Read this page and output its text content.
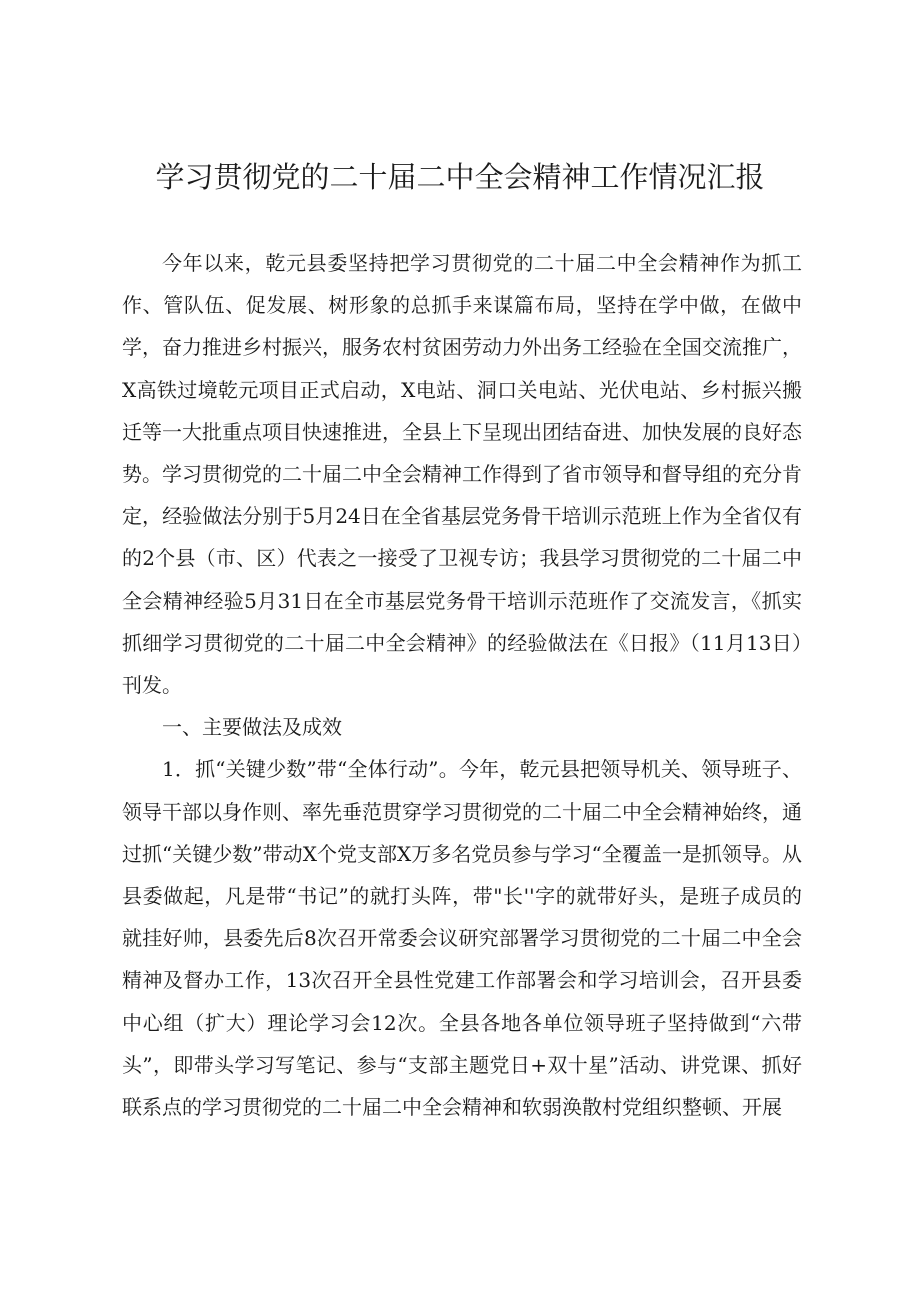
学习贯彻党的二十届二中全会精神工作情况汇报

今年以来，乾元县委坚持把学习贯彻党的二十届二中全会精神作为抓工作、管队伍、促发展、树形象的总抓手来谋篇布局，坚持在学中做，在做中学，奋力推进乡村振兴，服务农村贫困劳动力外出务工经验在全国交流推广，X高铁过境乾元项目正式启动，X电站、洞口关电站、光伏电站、乡村振兴搬迁等一大批重点项目快速推进，全县上下呈现出团结奋进、加快发展的良好态势。学习贯彻党的二十届二中全会精神工作得到了省市领导和督导组的充分肯定，经验做法分别于5月24日在全省基层党务骨干培训示范班上作为全省仅有的2个县（市、区）代表之一接受了卫视专访；我县学习贯彻党的二十届二中全会精神经验5月31日在全市基层党务骨干培训示范班作了交流发言，《抓实抓细学习贯彻党的二十届二中全会精神》的经验做法在《日报》（11月13日）刊发。

一、主要做法及成效

1．抓“关键少数”带“全体行动”。今年，乾元县把领导机关、领导班子、领导干部以身作则、率先垂范贯穿学习贯彻党的二十届二中全会精神始终，通过抓“关键少数”带动X个党支部X万多名党员参与学习“全覆盖一是抓领导。从县委做起，凡是带“书记”的就打头阵，带"长''字的就带好头，是班子成员的就挂好帅，县委先后8次召开常委会议研究部署学习贯彻党的二十届二中全会精神及督办工作，13次召开全县性党建工作部署会和学习培训会，召开县委中心组（扩大）理论学习会12次。全县各地各单位领导班子坚持做到“六带头”，即带头学习写笔记、参与“支部主题党日+双十星”活动、讲党课、抓好联系点的学习贯彻党的二十届二中全会精神和软弱涣散村党组织整顿、开展
